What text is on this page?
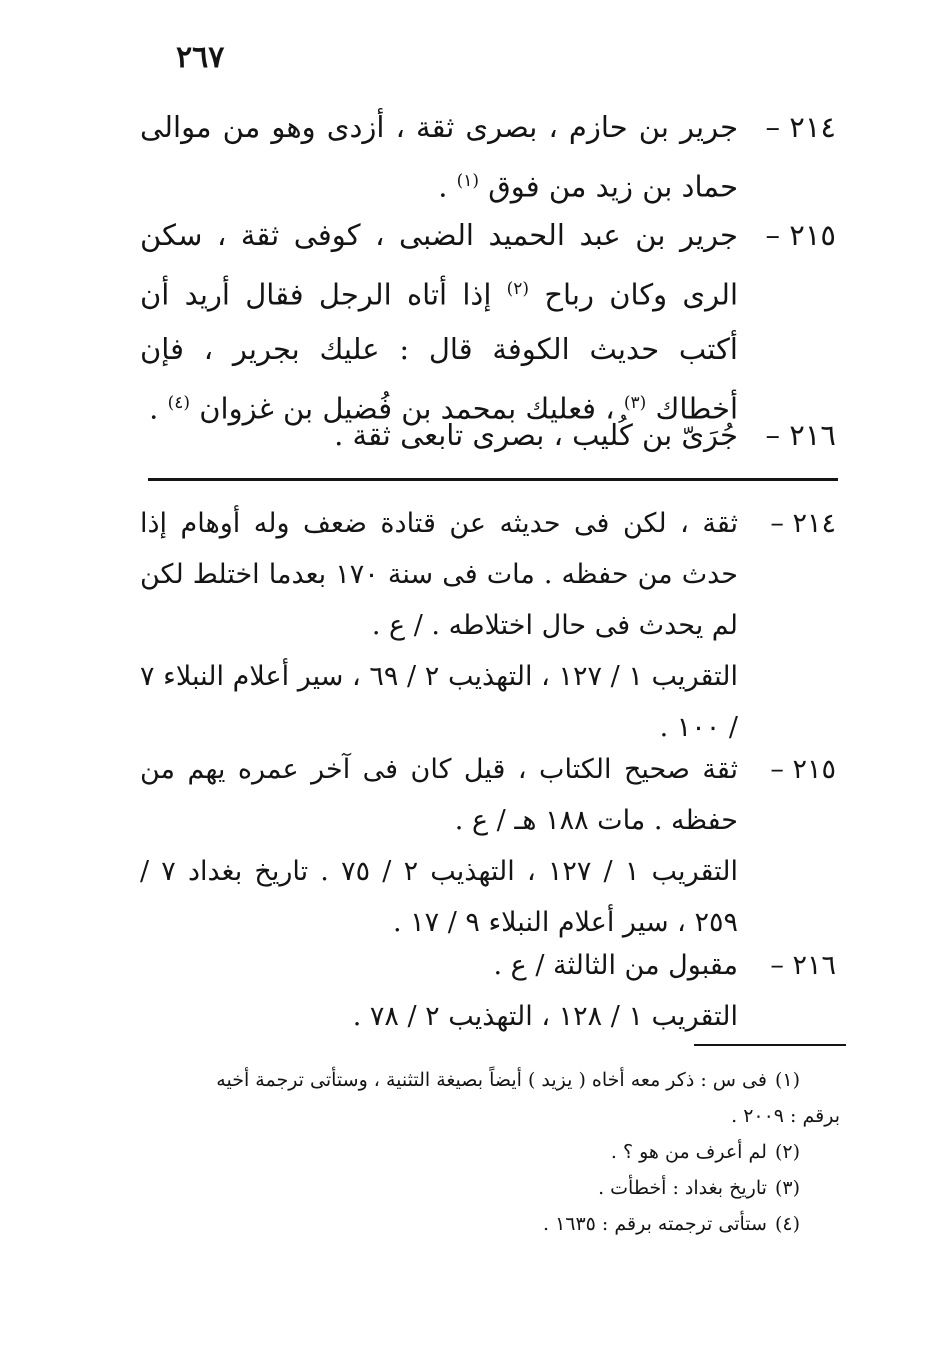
٢٦٧
٢١٤ –
جرير بن حازم ، بصرى ثقة ، أزدى وهو من موالى حماد بن زيد من فوق $^{(١)}$ .
٢١٥ –
جرير بن عبد الحميد الضبى ، كوفى ثقة ، سكن الرى وكان رباح $^{(٢)}$ إذا أتاه الرجل فقال أريد أن أكتب حديث الكوفة قال : عليك بجرير ، فإن أخطاك $^{(٣)}$ ، فعليك بمحمد بن فُضيل بن غزوان $^{(٤)}$ .
٢١٦ –
جُرَىّ بن كُليب ، بصرى تابعى ثقة .
٢١٤ –
ثقة ، لكن فى حديثه عن قتادة ضعف وله أوهام إذا حدث من حفظه . مات فى سنة ١٧٠ بعدما اختلط لكن لم يحدث فى حال اختلاطه . / ع .
التقريب ١ / ١٢٧ ، التهذيب ٢ / ٦٩ ، سير أعلام النبلاء ٧ / ١٠٠ .
٢١٥ –
ثقة صحيح الكتاب ، قيل كان فى آخر عمره يهم من حفظه . مات ١٨٨ هـ / ع .
التقريب ١ / ١٢٧ ، التهذيب ٢ / ٧٥ . تاريخ بغداد ٧ / ٢٥٩ ، سير أعلام النبلاء ٩ / ١٧ .
٢١٦ –
مقبول من الثالثة / ع .
التقريب ١ / ١٢٨ ، التهذيب ٢ / ٧٨ .
(١)فى س : ذكر معه أخاه ( يزيد ) أيضاً بصيغة التثنية ، وستأتى ترجمة أخيه
برقم : ٢٠٠٩ .
(٢)لم أعرف من هو ؟ .
(٣)تاريخ بغداد : أخطأت .
(٤)ستأتى ترجمته برقم : ١٦٣٥ .
